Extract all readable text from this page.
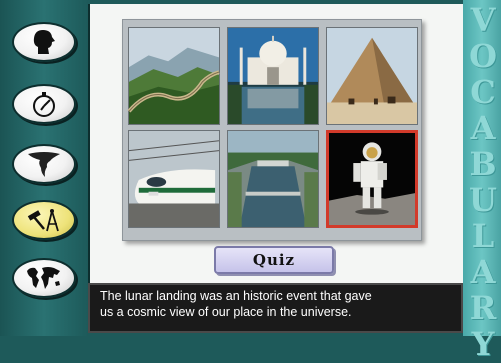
Quiz
The lunar landing was an historic event that gave
us a cosmic view of our place in the universe.
V
O
C
A
B
U
L
A
R
Y
